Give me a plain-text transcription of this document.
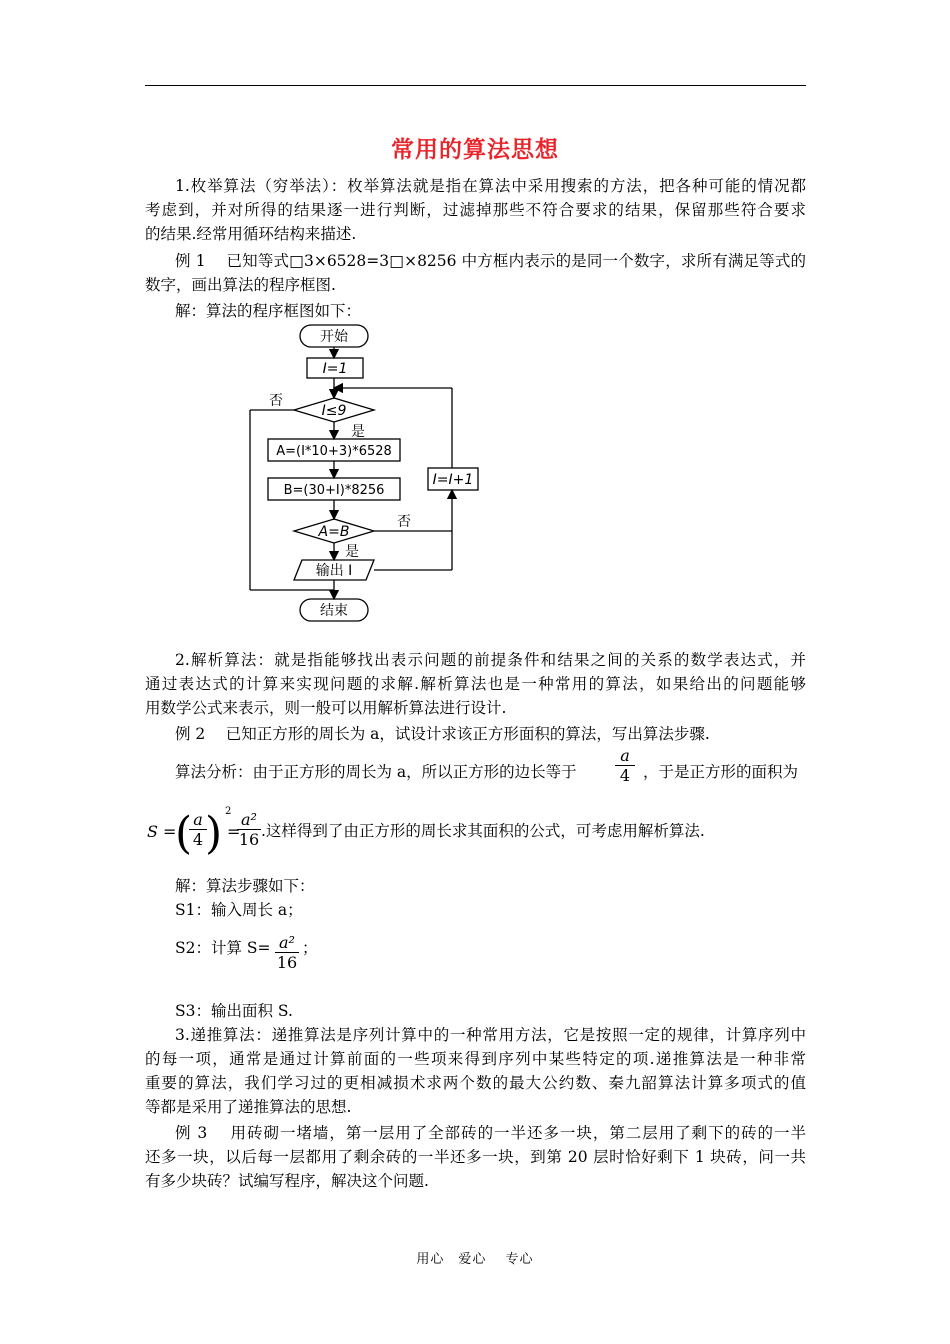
常用的算法思想
1.枚举算法（穷举法）：枚举算法就是指在算法中采用搜索的方法，把各种可能的情况都
考虑到，并对所得的结果逐一进行判断，过滤掉那些不符合要求的结果，保留那些符合要求
的结果.经常用循环结构来描述.
例 1　 已知等式□3×6528=3□×8256 中方框内表示的是同一个数字，求所有满足等式的
数字，画出算法的程序框图.
解：算法的程序框图如下：
开始
I=1
I≤9
A=(I*10+3)*6528
B=(30+I)*8256
A=B
输出 I
I=I+1
结束
是
是
否
否
2.解析算法：就是指能够找出表示问题的前提条件和结果之间的关系的数学表达式，并
通过表达式的计算来实现问题的求解.解析算法也是一种常用的算法，如果给出的问题能够
用数学公式来表示，则一般可以用解析算法进行设计.
例 2　 已知正方形的周长为 a，试设计求该正方形面积的算法，写出算法步骤.
算法分析：由于正方形的周长为 a，所以正方形的边长等于
a
4 ，于是正方形的面积为
S =
( a
4 ) 2
=
a²
16 .这样得到了由正方形的周长求其面积的公式，可考虑用解析算法.
解：算法步骤如下：
S1：输入周长 a；
S2：计算 S= a²
16
；
S3：输出面积 S.
3.递推算法：递推算法是序列计算中的一种常用方法，它是按照一定的规律，计算序列中
的每一项，通常是通过计算前面的一些项来得到序列中某些特定的项.递推算法是一种非常
重要的算法，我们学习过的更相减损术求两个数的最大公约数、秦九韶算法计算多项式的值
等都是采用了递推算法的思想.
例 3　 用砖砌一堵墙，第一层用了全部砖的一半还多一块，第二层用了剩下的砖的一半
还多一块，以后每一层都用了剩余砖的一半还多一块，到第 20 层时恰好剩下 1 块砖，问一共
有多少块砖？试编写程序，解决这个问题.
用心　爱心　 专心
